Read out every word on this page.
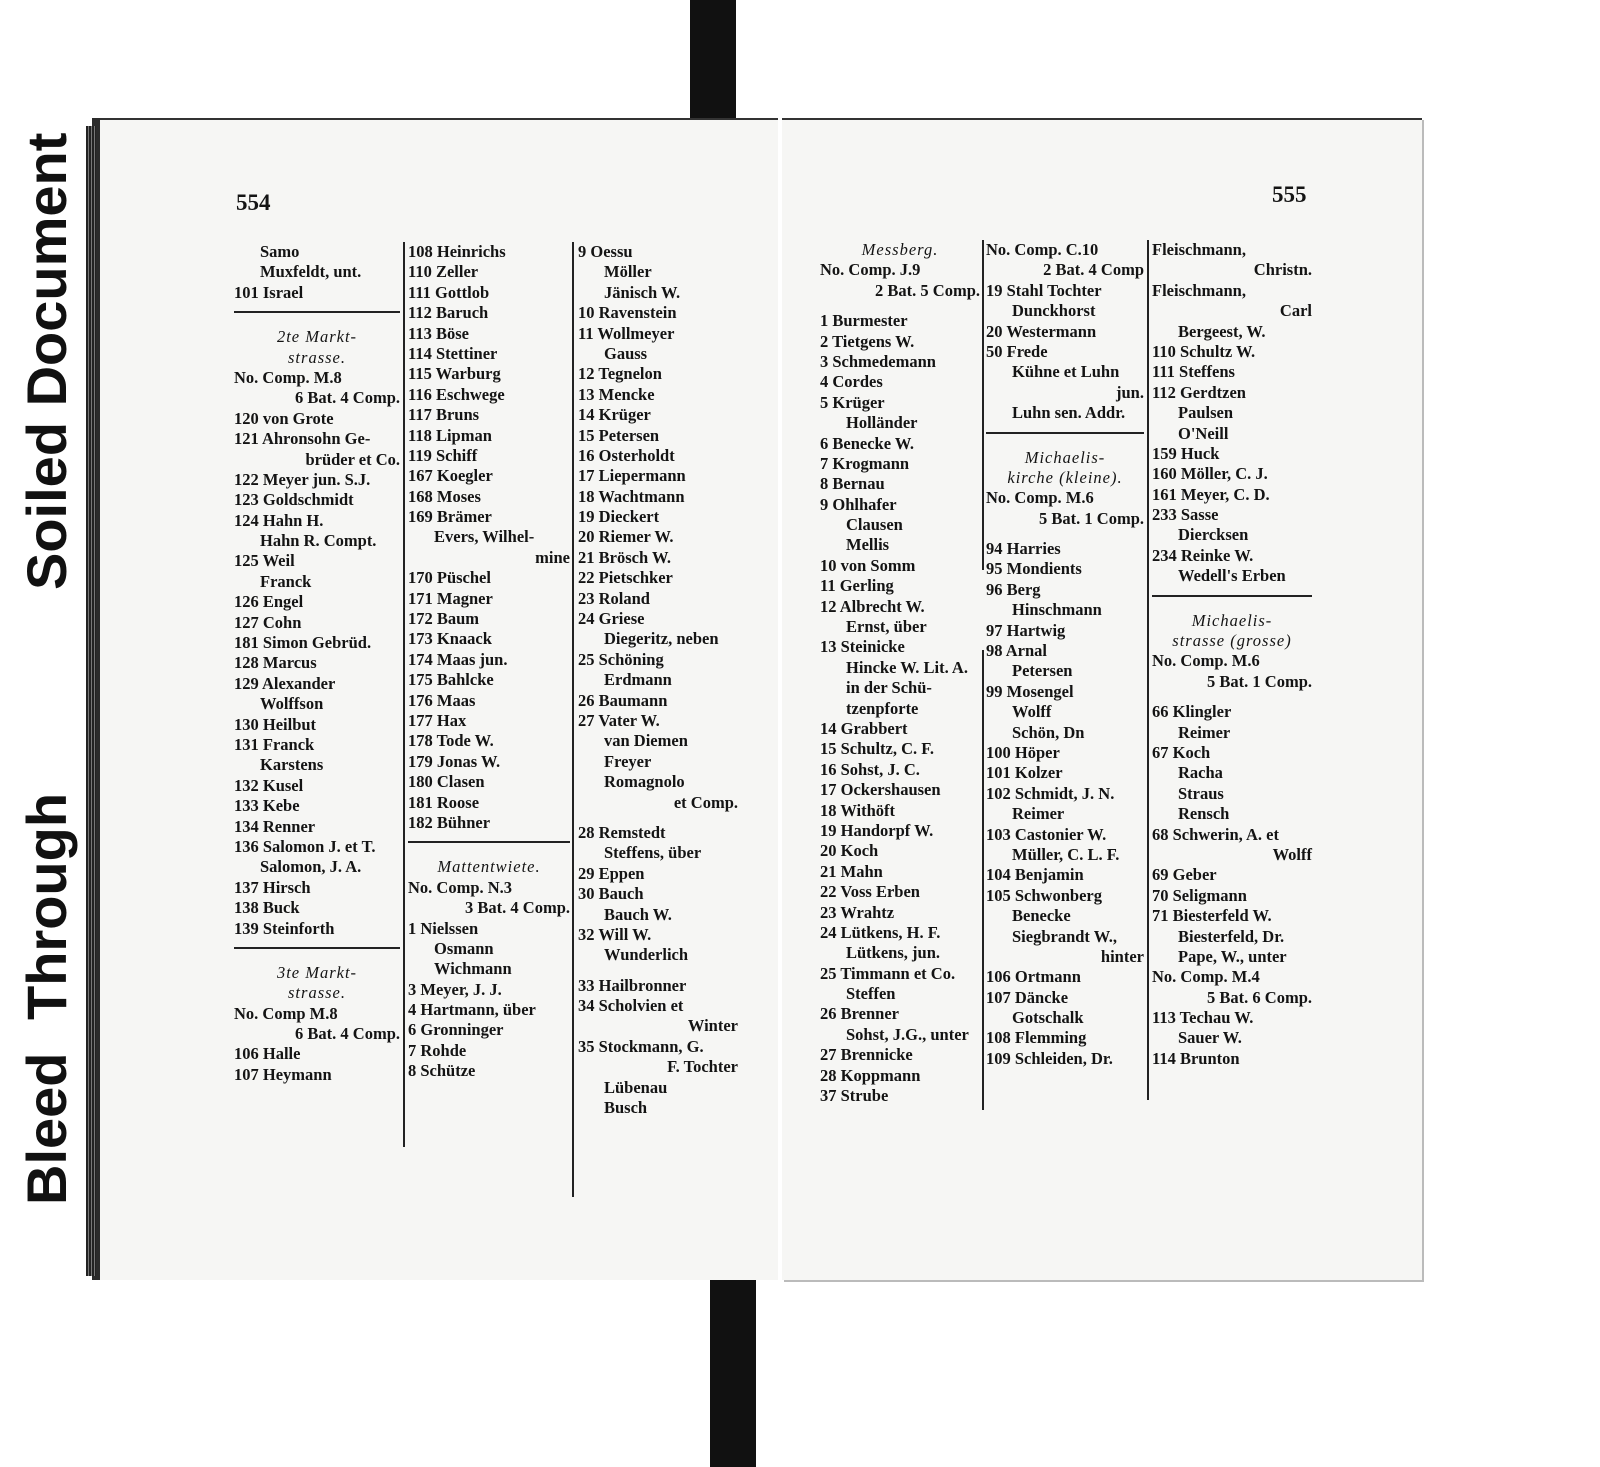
Bleed
Through
Soiled Document	554
Samo
Muxfeldt, unt.
101 Israel
2te Markt-
strasse.
No. Comp. M.8
6 Bat. 4 Comp.
120 von Grote
121 Ahronsohn Ge-
brüder et Co.
122 Meyer jun. S.J.
123 Goldschmidt
124 Hahn H.
Hahn R. Compt.
125 Weil
Franck
126 Engel
127 Cohn
181 Simon Gebrüd.
128 Marcus
129 Alexander
Wolffson
130 Heilbut
131 Franck
Karstens
132 Kusel
133 Kebe
134 Renner
136 Salomon J. et T.
Salomon, J. A.
137 Hirsch
138 Buck
139 Steinforth
3te Markt-
strasse.
No. Comp M.8
6 Bat. 4 Comp.
106 Halle
107 Heymann
108 Heinrichs
110 Zeller
111 Gottlob
112 Baruch
113 Böse
114 Stettiner
115 Warburg
116 Eschwege
117 Bruns
118 Lipman
119 Schiff
167 Koegler
168 Moses
169 Brämer
Evers, Wilhel-
mine
170 Püschel
171 Magner
172 Baum
173 Knaack
174 Maas jun.
175 Bahlcke
176 Maas
177 Hax
178 Tode W.
179 Jonas W.
180 Clasen
181 Roose
182 Bühner
Mattentwiete.
No. Comp. N.3
3 Bat. 4 Comp.
1 Nielssen
Osmann
Wichmann
3 Meyer, J. J.
4 Hartmann, über
6 Gronninger
7 Rohde
8 Schütze
9 Oessu
Möller
Jänisch W.
10 Ravenstein
11 Wollmeyer
Gauss
12 Tegnelon
13 Mencke
14 Krüger
15 Petersen
16 Osterholdt
17 Liepermann
18 Wachtmann
19 Dieckert
20 Riemer W.
21 Brösch W.
22 Pietschker
23 Roland
24 Griese
Diegeritz, neben
25 Schöning
Erdmann
26 Baumann
27 Vater W.
van Diemen
Freyer
Romagnolo
et Comp.
28 Remstedt
Steffens, über
29 Eppen
30 Bauch
Bauch W.
32 Will W.
Wunderlich
33 Hailbronner
34 Scholvien et
Winter
35 Stockmann, G.
F. Tochter
Lübenau
Busch
555
Messberg.
No. Comp. J.9
2 Bat. 5 Comp.
1 Burmester
2 Tietgens W.
3 Schmedemann
4 Cordes
5 Krüger
Holländer
6 Benecke W.
7 Krogmann
8 Bernau
9 Ohlhafer
Clausen
Mellis
10 von Somm
11 Gerling
12 Albrecht W.
Ernst, über
13 Steinicke
Hincke W. Lit. A.
in der Schü-
tzenpforte
14 Grabbert
15 Schultz, C. F.
16 Sohst, J. C.
17 Ockershausen
18 Withöft
19 Handorpf W.
20 Koch
21 Mahn
22 Voss Erben
23 Wrahtz
24 Lütkens, H. F.
Lütkens, jun.
25 Timmann et Co.
Steffen
26 Brenner
Sohst, J.G., unter
27 Brennicke
28 Koppmann
37 Strube
No. Comp. C.10
2 Bat. 4 Comp
19 Stahl Tochter
Dunckhorst
20 Westermann
50 Frede
Kühne et Luhn
jun.
Luhn sen. Addr.
Michaelis-
kirche (kleine).
No. Comp. M.6
5 Bat. 1 Comp.
94 Harries
95 Mondients
96 Berg
Hinschmann
97 Hartwig
98 Arnal
Petersen
99 Mosengel
Wolff
Schön, Dn
100 Höper
101 Kolzer
102 Schmidt, J. N.
Reimer
103 Castonier W.
Müller, C. L. F.
104 Benjamin
105 Schwonberg
Benecke
Siegbrandt W.,
hinter
106 Ortmann
107 Däncke
Gotschalk
108 Flemming
109 Schleiden, Dr.
Fleischmann,
Christn.
Fleischmann,
Carl
Bergeest, W.
110 Schultz W.
111 Steffens
112 Gerdtzen
Paulsen
O'Neill
159 Huck
160 Möller, C. J.
161 Meyer, C. D.
233 Sasse
Diercksen
234 Reinke W.
Wedell's Erben
Michaelis-
strasse (grosse)
No. Comp. M.6
5 Bat. 1 Comp.
66 Klingler
Reimer
67 Koch
Racha
Straus
Rensch
68 Schwerin, A. et
Wolff
69 Geber
70 Seligmann
71 Biesterfeld W.
Biesterfeld, Dr.
Pape, W., unter
No. Comp. M.4
5 Bat. 6 Comp.
113 Techau W.
Sauer W.
114 Brunton
